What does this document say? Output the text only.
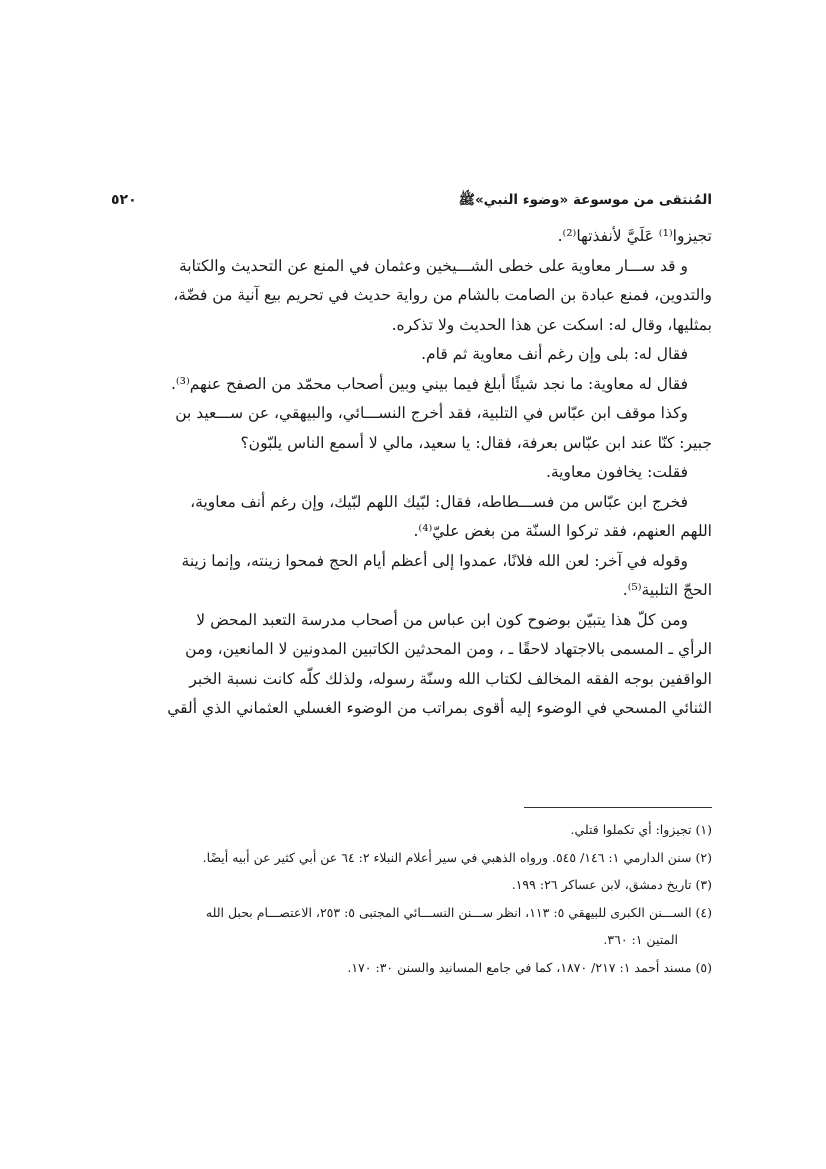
٥٢٠	المُنتقى من موسوعة «وضوء النبي»ﷺ

تجيزوا⁽¹⁾ عَلَيَّ لأنفذتها⁽²⁾.

و قد ســـار معاوية على خطى الشـــيخين وعثمان في المنع عن التحديث والكتابة

والتدوين، فمنع عبادة بن الصامت بالشام من رواية حديث في تحريم بيع آنية من فضّة،

بمثليها، وقال له: اسكت عن هذا الحديث ولا تذكره.

فقال له: بلى وإن رغم أنف معاوية ثم قام.

فقال له معاوية: ما نجد شيئًا أبلغ فيما بيني وبين أصحاب محمّد من الصفح عنهم⁽³⁾.

وكذا موقف ابن عبّاس في التلبية، فقد أخرج النســـائي، والبيهقي، عن ســـعيد بن

جبير: كنّا عند ابن عبّاس بعرفة، فقال: يا سعيد، مالي لا أسمع الناس يلبّون؟

فقلت: يخافون معاوية.

فخرج ابن عبّاس من فســـطاطه، فقال: لبّيك اللهم لبّيك، وإن رغم أنف معاوية،

اللهم العنهم، فقد تركوا السنّة من بغض عليّ⁽⁴⁾.

وقوله في آخر: لعن الله فلانًا، عمدوا إلى أعظم أيام الحج فمحوا زينته، وإنما زينة

الحجّ التلبية⁽⁵⁾.

ومن كلّ هذا يتبيّن بوضوح كون ابن عباس من أصحاب مدرسة التعبد المحض لا

الرأي ـ المسمى بالاجتهاد لاحقًا ـ ، ومن المحدثين الكاتبين المدونين لا المانعين، ومن

الواقفين بوجه الفقه المخالف لكتاب الله وسنّة رسوله، ولذلك كلّه كانت نسبة الخبر

الثنائي المسحي في الوضوء إليه أقوى بمراتب من الوضوء الغسلي العثماني الذي ألقي

(١) تجيزوا: أي تكملوا قتلي.

(٢) سنن الدارمي ١: ١٤٦/ ٥٤٥. ورواه الذهبي في سير أعلام النبلاء ٢: ٦٤ عن أبي كثير عن أبيه أيضًا.

(٣) تاريخ دمشق، لابن عساكر ٢٦: ١٩٩.

(٤) الســـنن الكبرى للبيهقي ٥: ١١٣، انظر ســـنن النســـائي المجتبى ٥: ٢٥٣، الاعتصـــام بحبل الله

المتين ١: ٣٦٠.

(٥) مسند أحمد ١: ٢١٧/ ١٨٧٠، كما في جامع المسانيد والسنن ٣٠: ١٧٠.
